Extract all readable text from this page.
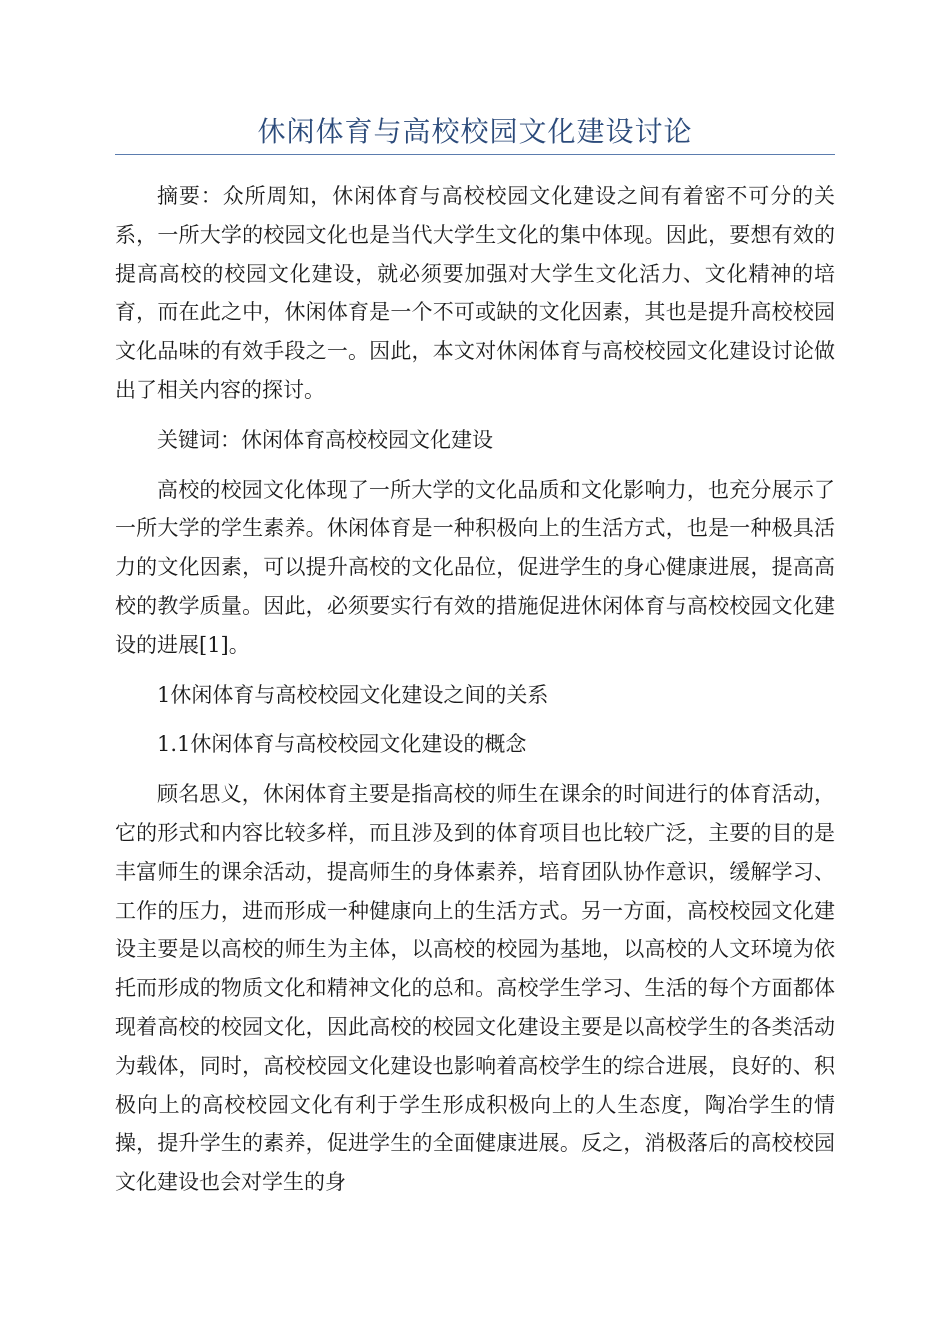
休闲体育与高校校园文化建设讨论

摘要：众所周知，休闲体育与高校校园文化建设之间有着密不可分的关系，一所大学的校园文化也是当代大学生文化的集中体现。因此，要想有效的提高高校的校园文化建设，就必须要加强对大学生文化活力、文化精神的培育，而在此之中，休闲体育是一个不可或缺的文化因素，其也是提升高校校园文化品味的有效手段之一。因此，本文对休闲体育与高校校园文化建设讨论做出了相关内容的探讨。

关键词：休闲体育高校校园文化建设

高校的校园文化体现了一所大学的文化品质和文化影响力，也充分展示了一所大学的学生素养。休闲体育是一种积极向上的生活方式，也是一种极具活力的文化因素，可以提升高校的文化品位，促进学生的身心健康进展，提高高校的教学质量。因此，必须要实行有效的措施促进休闲体育与高校校园文化建设的进展[1]。

1休闲体育与高校校园文化建设之间的关系

1.1休闲体育与高校校园文化建设的概念

顾名思义，休闲体育主要是指高校的师生在课余的时间进行的体育活动，它的形式和内容比较多样，而且涉及到的体育项目也比较广泛，主要的目的是丰富师生的课余活动，提高师生的身体素养，培育团队协作意识，缓解学习、工作的压力，进而形成一种健康向上的生活方式。另一方面，高校校园文化建设主要是以高校的师生为主体，以高校的校园为基地，以高校的人文环境为依托而形成的物质文化和精神文化的总和。高校学生学习、生活的每个方面都体现着高校的校园文化，因此高校的校园文化建设主要是以高校学生的各类活动为载体，同时，高校校园文化建设也影响着高校学生的综合进展，良好的、积极向上的高校校园文化有利于学生形成积极向上的人生态度，陶冶学生的情操，提升学生的素养，促进学生的全面健康进展。反之，消极落后的高校校园文化建设也会对学生的身
